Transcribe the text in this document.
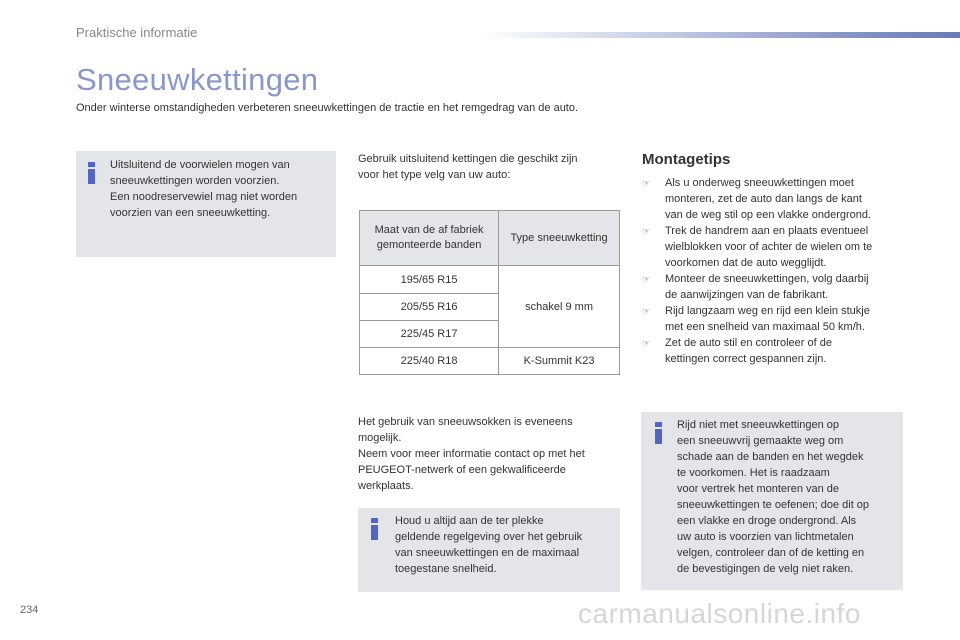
Praktische informatie
Sneeuwkettingen
Onder winterse omstandigheden verbeteren sneeuwkettingen de tractie en het remgedrag van de auto.
Uitsluitend de voorwielen mogen van
sneeuwkettingen worden voorzien.
Een noodreservewiel mag niet worden
voorzien van een sneeuwketting.
Gebruik uitsluitend kettingen die geschikt zijn
voor het type velg van uw auto:
Maat van de af fabriek gemonteerde banden	Type sneeuwketting
195/65 R15	schakel 9 mm
205/55 R16	
225/45 R17	
225/40 R18	K-Summit K23
Het gebruik van sneeuwsokken is eveneens
mogelijk.
Neem voor meer informatie contact op met het
PEUGEOT-netwerk of een gekwalificeerde
werkplaats.
Houd u altijd aan de ter plekke
geldende regelgeving over het gebruik
van sneeuwkettingen en de maximaal
toegestane snelheid.
Montagetips
☞ Als u onderweg sneeuwkettingen moet
monteren, zet de auto dan langs de kant
van de weg stil op een vlakke ondergrond.
☞ Trek de handrem aan en plaats eventueel
wielblokken voor of achter de wielen om te
voorkomen dat de auto wegglijdt.
☞ Monteer de sneeuwkettingen, volg daarbij
de aanwijzingen van de fabrikant.
☞ Rijd langzaam weg en rijd een klein stukje
met een snelheid van maximaal 50 km/h.
☞ Zet de auto stil en controleer of de
kettingen correct gespannen zijn.
Rijd niet met sneeuwkettingen op
een sneeuwvrij gemaakte weg om
schade aan de banden en het wegdek
te voorkomen. Het is raadzaam
voor vertrek het monteren van de
sneeuwkettingen te oefenen; doe dit op
een vlakke en droge ondergrond. Als
uw auto is voorzien van lichtmetalen
velgen, controleer dan of de ketting en
de bevestigingen de velg niet raken.
234	carmanualsonline.info
